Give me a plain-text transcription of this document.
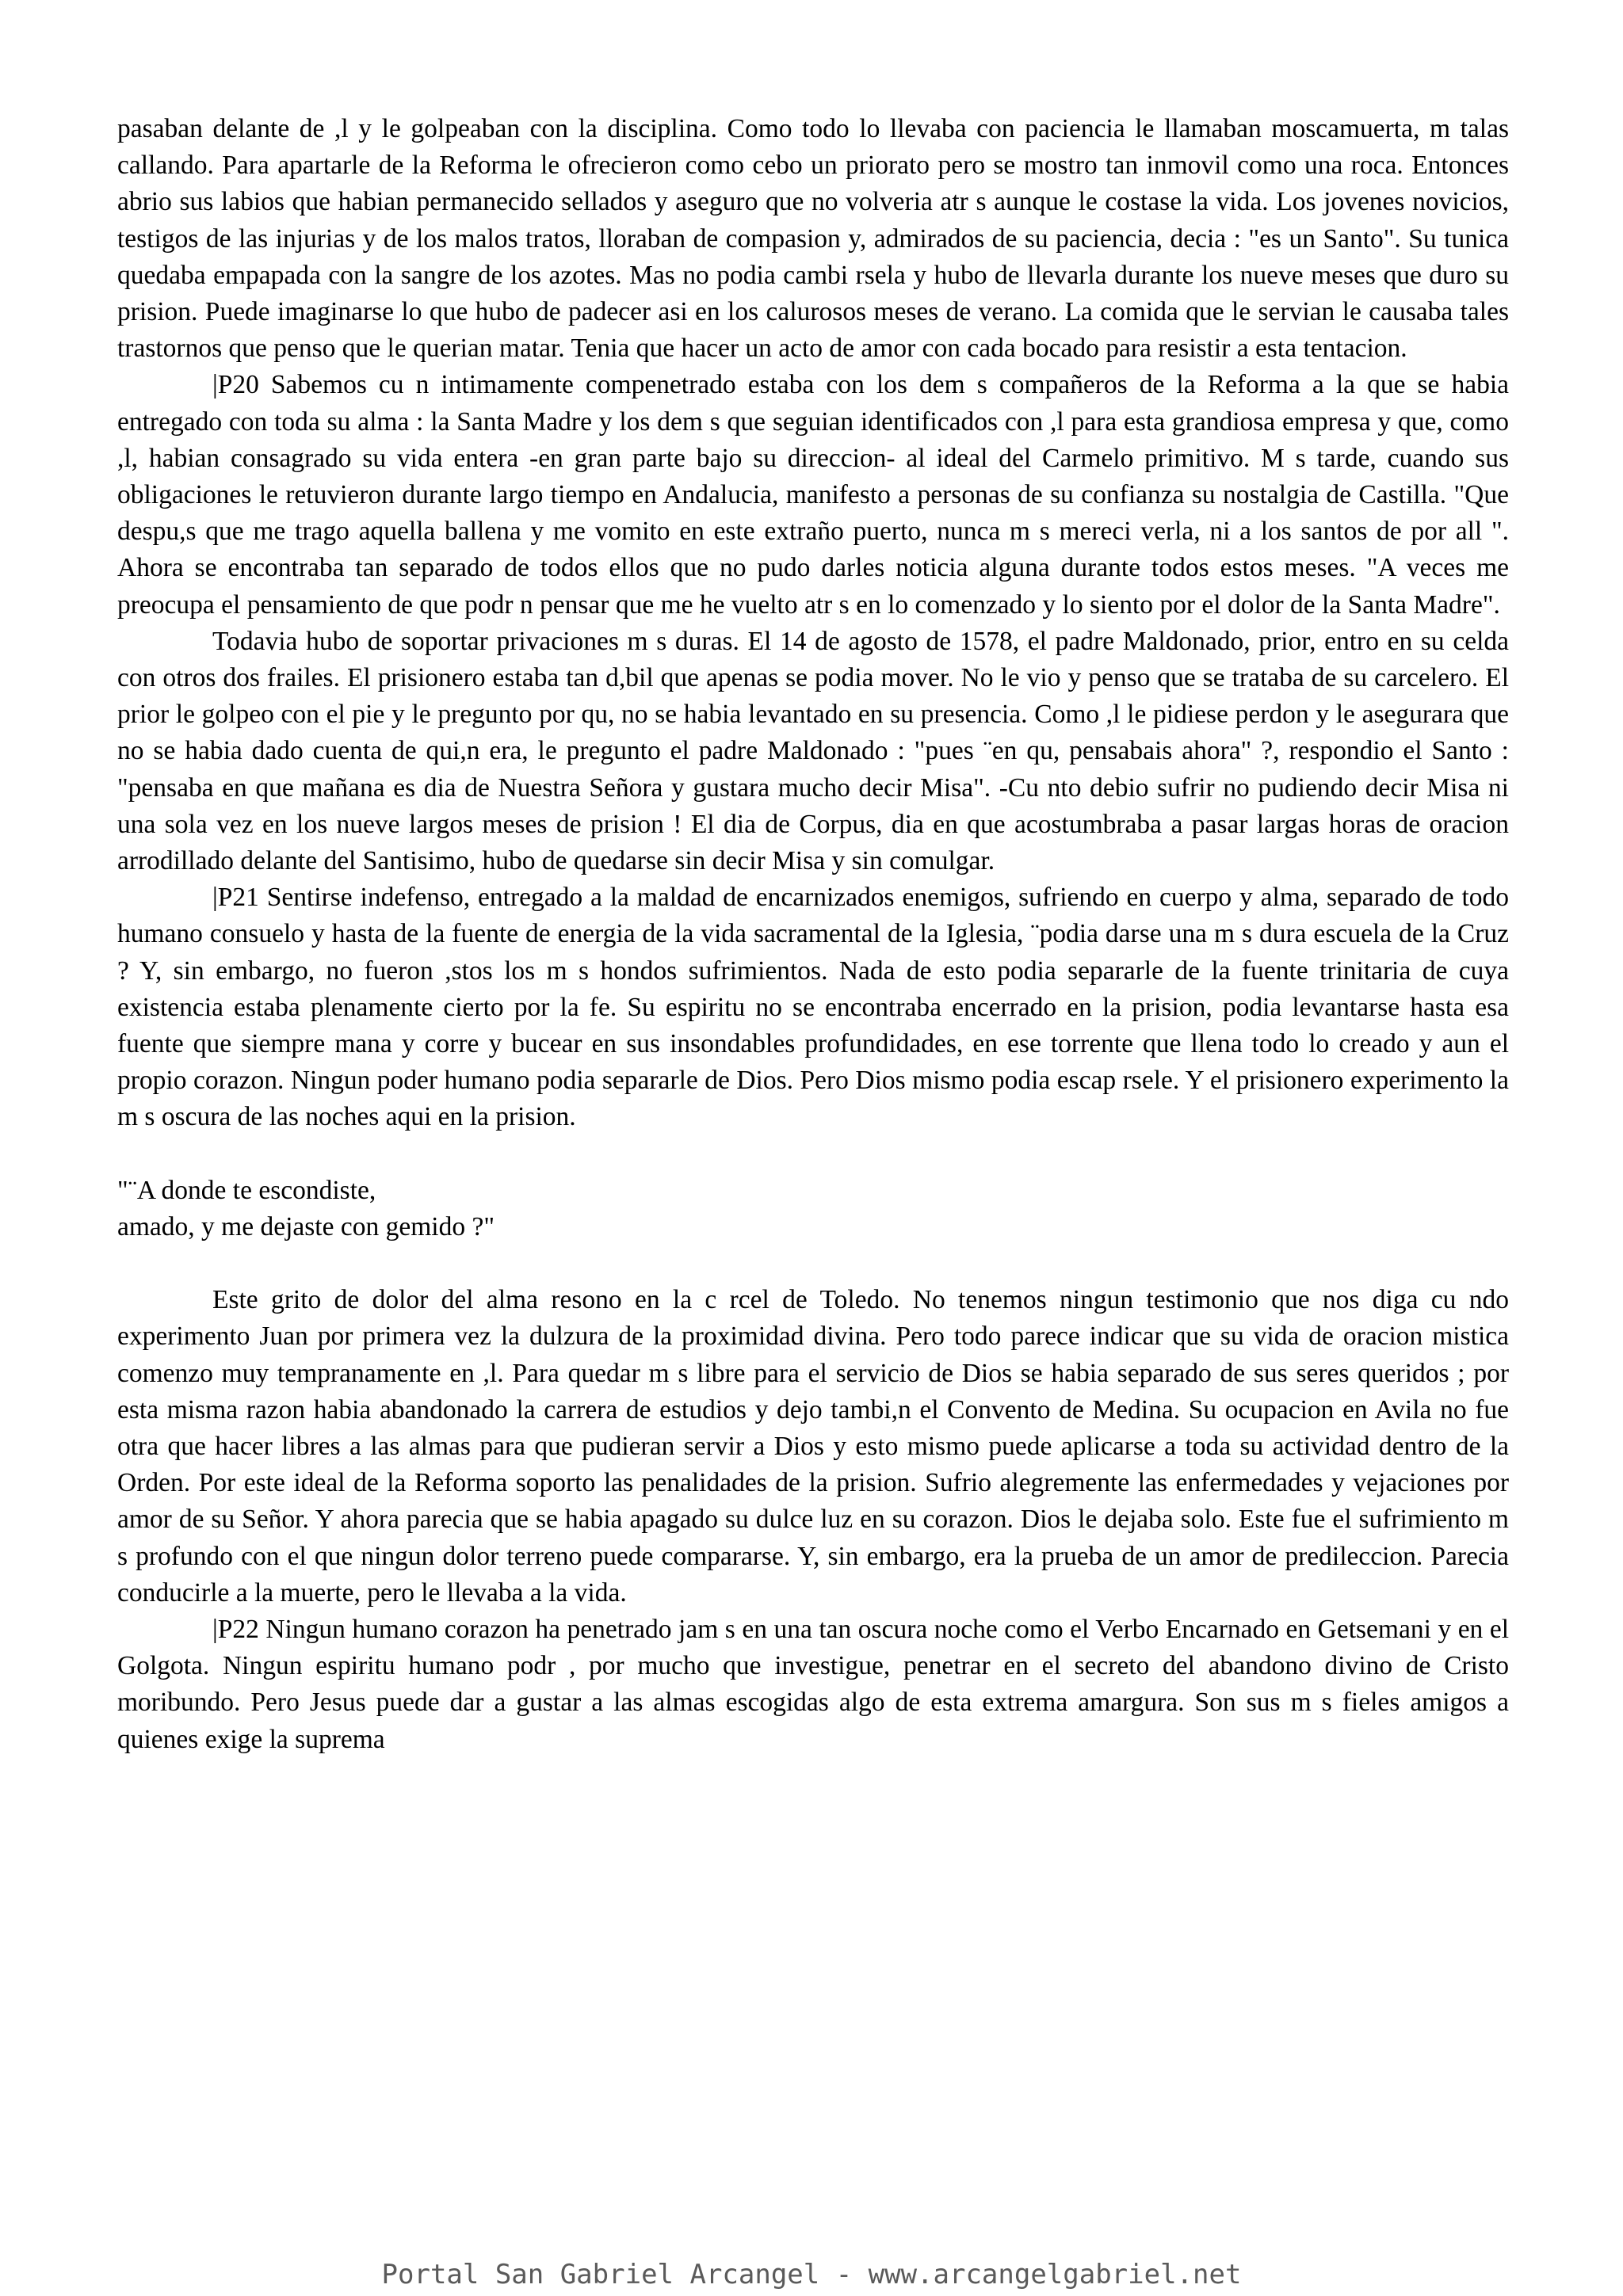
pasaban delante de ,l y le golpeaban con la disciplina. Como todo lo llevaba con paciencia le llamaban moscamuerta, m talas callando. Para apartarle de la Reforma le ofrecieron como cebo un priorato pero se mostro tan inmovil como una roca. Entonces abrio sus labios que habian permanecido sellados y aseguro que no volveria atr s aunque le costase la vida. Los jovenes novicios, testigos de las injurias y de los malos tratos, lloraban de compasion y, admirados de su paciencia, decia : "es un Santo". Su tunica quedaba empapada con la sangre de los azotes. Mas no podia cambi rsela y hubo de llevarla durante los nueve meses que duro su prision. Puede imaginarse lo que hubo de padecer asi en los calurosos meses de verano. La comida que le servian le causaba tales trastornos que penso que le querian matar. Tenia que hacer un acto de amor con cada bocado para resistir a esta tentacion.

|P20 Sabemos cu n intimamente compenetrado estaba con los dem s compañeros de la Reforma a la que se habia entregado con toda su alma : la Santa Madre y los dem s que seguian identificados con ,l para esta grandiosa empresa y que, como ,l, habian consagrado su vida entera -en gran parte bajo su direccion- al ideal del Carmelo primitivo. M s tarde, cuando sus obligaciones le retuvieron durante largo tiempo en Andalucia, manifesto a personas de su confianza su nostalgia de Castilla. "Que despu,s que me trago aquella ballena y me vomito en este extraño puerto, nunca m s mereci verla, ni a los santos de por all ". Ahora se encontraba tan separado de todos ellos que no pudo darles noticia alguna durante todos estos meses. "A veces me preocupa el pensamiento de que podr n pensar que me he vuelto atr s en lo comenzado y lo siento por el dolor de la Santa Madre".

Todavia hubo de soportar privaciones m s duras. El 14 de agosto de 1578, el padre Maldonado, prior, entro en su celda con otros dos frailes. El prisionero estaba tan d,bil que apenas se podia mover. No le vio y penso que se trataba de su carcelero. El prior le golpeo con el pie y le pregunto por qu, no se habia levantado en su presencia. Como ,l le pidiese perdon y le asegurara que no se habia dado cuenta de qui,n era, le pregunto el padre Maldonado : "pues ¨en qu, pensabais ahora" ?, respondio el Santo : "pensaba en que mañana es dia de Nuestra Señora y gustara mucho decir Misa". -Cu nto debio sufrir no pudiendo decir Misa ni una sola vez en los nueve largos meses de prision ! El dia de Corpus, dia en que acostumbraba a pasar largas horas de oracion arrodillado delante del Santisimo, hubo de quedarse sin decir Misa y sin comulgar.

|P21 Sentirse indefenso, entregado a la maldad de encarnizados enemigos, sufriendo en cuerpo y alma, separado de todo humano consuelo y hasta de la fuente de energia de la vida sacramental de la Iglesia, ¨podia darse una m s dura escuela de la Cruz ? Y, sin embargo, no fueron ,stos los m s hondos sufrimientos. Nada de esto podia separarle de la fuente trinitaria de cuya existencia estaba plenamente cierto por la fe. Su espiritu no se encontraba encerrado en la prision, podia levantarse hasta esa fuente que siempre mana y corre y bucear en sus insondables profundidades, en ese torrente que llena todo lo creado y aun el propio corazon. Ningun poder humano podia separarle de Dios. Pero Dios mismo podia escap rsele. Y el prisionero experimento la m s oscura de las noches aqui en la prision.

"¨A donde te escondiste,

amado, y me dejaste con gemido ?"

Este grito de dolor del alma resono en la c rcel de Toledo. No tenemos ningun testimonio que nos diga cu ndo experimento Juan por primera vez la dulzura de la proximidad divina. Pero todo parece indicar que su vida de oracion mistica comenzo muy tempranamente en ,l. Para quedar m s libre para el servicio de Dios se habia separado de sus seres queridos ; por esta misma razon habia abandonado la carrera de estudios y dejo tambi,n el Convento de Medina. Su ocupacion en Avila no fue otra que hacer libres a las almas para que pudieran servir a Dios y esto mismo puede aplicarse a toda su actividad dentro de la Orden. Por este ideal de la Reforma soporto las penalidades de la prision. Sufrio alegremente las enfermedades y vejaciones por amor de su Señor. Y ahora parecia que se habia apagado su dulce luz en su corazon. Dios le dejaba solo. Este fue el sufrimiento m s profundo con el que ningun dolor terreno puede compararse. Y, sin embargo, era la prueba de un amor de predileccion. Parecia conducirle a la muerte, pero le llevaba a la vida.

|P22 Ningun humano corazon ha penetrado jam s en una tan oscura noche como el Verbo Encarnado en Getsemani y en el Golgota. Ningun espiritu humano podr , por mucho que investigue, penetrar en el secreto del abandono divino de Cristo moribundo. Pero Jesus puede dar a gustar a las almas escogidas algo de esta extrema amargura. Son sus m s fieles amigos a quienes exige la suprema

Portal San Gabriel Arcangel - www.arcangelgabriel.net
